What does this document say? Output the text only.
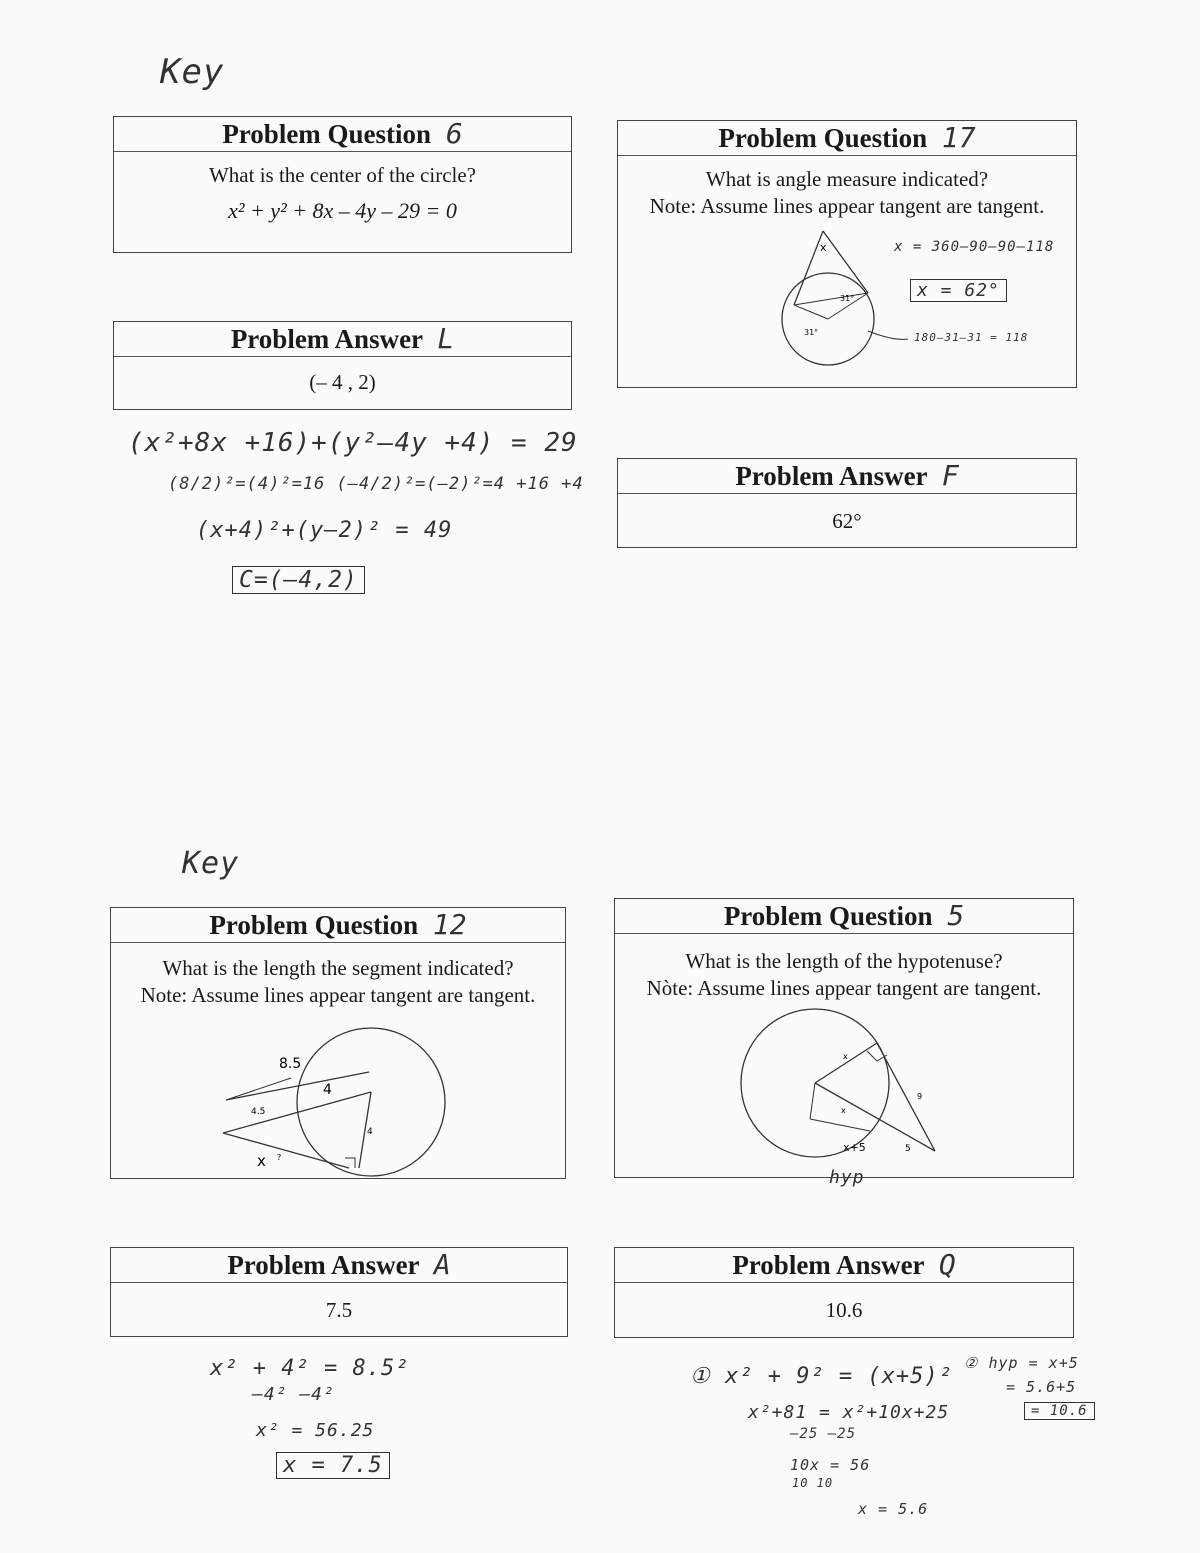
Key
Problem Question 6
What is the center of the circle?
x² + y² + 8x – 4y – 29 = 0
Problem Answer L
(– 4 , 2)
(x²+8x +16)+(y²–4y +4) = 29
(8/2)²=(4)²=16 (–4/2)²=(–2)²=4 +16 +4
(x+4)²+(y–2)² = 49
C=(–4,2)
Problem Question 17
What is angle measure indicated?
Note: Assume lines appear tangent are tangent.
x
31°
31°
x = 360–90–90–118
x = 62°
180–31–31 = 118
Problem Answer F
62°
Key
Problem Question 12
What is the length the segment indicated?
Note: Assume lines appear tangent are tangent.
8.5
4
4.5
4
x ?
Problem Answer A
7.5
x² + 4² = 8.5²
–4² –4²
x² = 56.25
x = 7.5
Problem Question 5
What is the length of the hypotenuse?
Nòte: Assume lines appear tangent are tangent.
x
9
x
5
x+5
hyp
Problem Answer Q
10.6
① x² + 9² = (x+5)²
x²+81 = x²+10x+25
–25 –25
10x = 56
10 10
x = 5.6
② hyp = x+5
= 5.6+5
= 10.6
